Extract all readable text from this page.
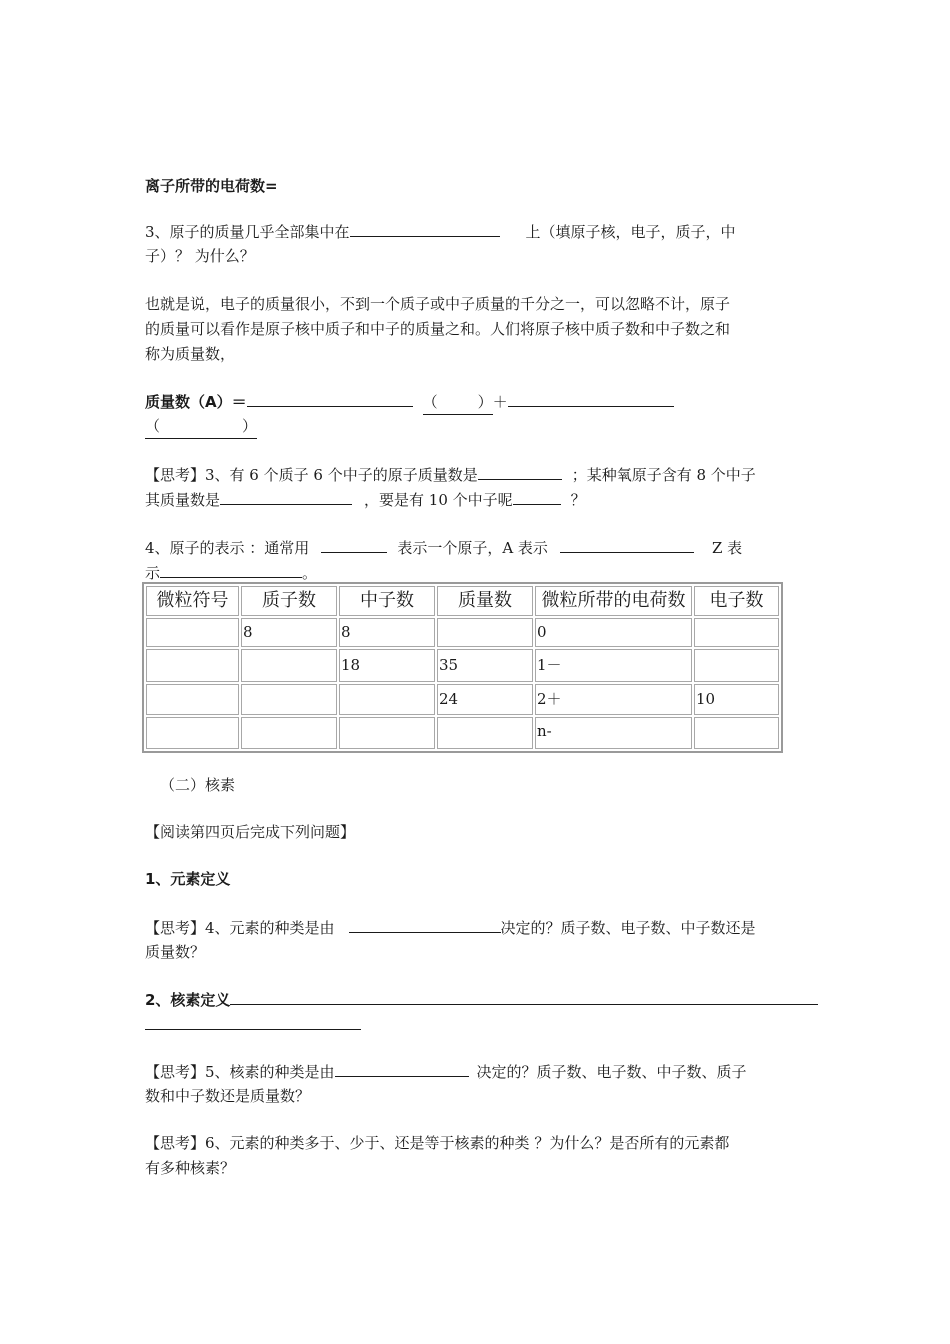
离子所带的电荷数=
3、原子的质量几乎全部集中在	上（填原子核，电子，质子，中
子）？ 为什么？
也就是说，电子的质量很小，不到一个质子或中子质量的千分之一，可以忽略不计，原子
的质量可以看作是原子核中质子和中子的质量之和。人们将原子核中质子数和中子数之和
称为质量数，
质量数（A）＝	（	）＋
（	）
【思考】3、有 6 个质子 6 个中子的原子质量数是	；某种氧原子含有 8 个中子
其质量数是	，要是有 10 个中子呢	？
4、原子的表示 ：通常用	表示一个原子，A 表示	Z 表
示	。
微粒符号	质子数	中子数	质量数	微粒所带的电荷数	电子数
	8	8		0	
		18	35	1－	
			24	2＋	10
				n-	
（二）核素
【阅读第四页后完成下列问题】
1、元素定义
【思考】4、元素的种类是由	决定的？质子数、电子数、中子数还是
质量数？
2、核素定义
【思考】5、核素的种类是由	决定的？质子数、电子数、中子数、质子
数和中子数还是质量数？
【思考】6、元素的种类多于、少于、还是等于核素的种类 ？为什么？是否所有的元素都
有多种核素？
